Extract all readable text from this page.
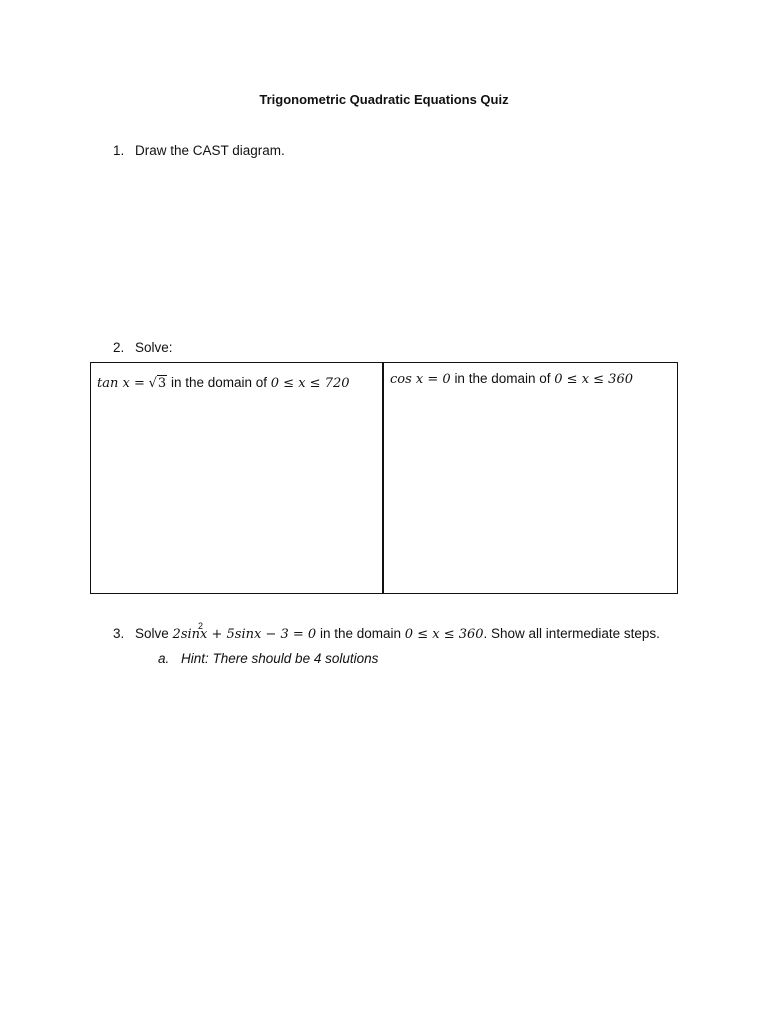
Trigonometric Quadratic Equations Quiz
1. Draw the CAST diagram.
2. Solve:
tan x = √3 in the domain of 0 ≤ x ≤ 720	cos x = 0 in the domain of 0 ≤ x ≤ 360
3. Solve $2\sin^2x + 5\sin x - 3 = 0$ in the domain 0 ≤ x ≤ 360. Show all intermediate steps.
a. Hint: There should be 4 solutions
